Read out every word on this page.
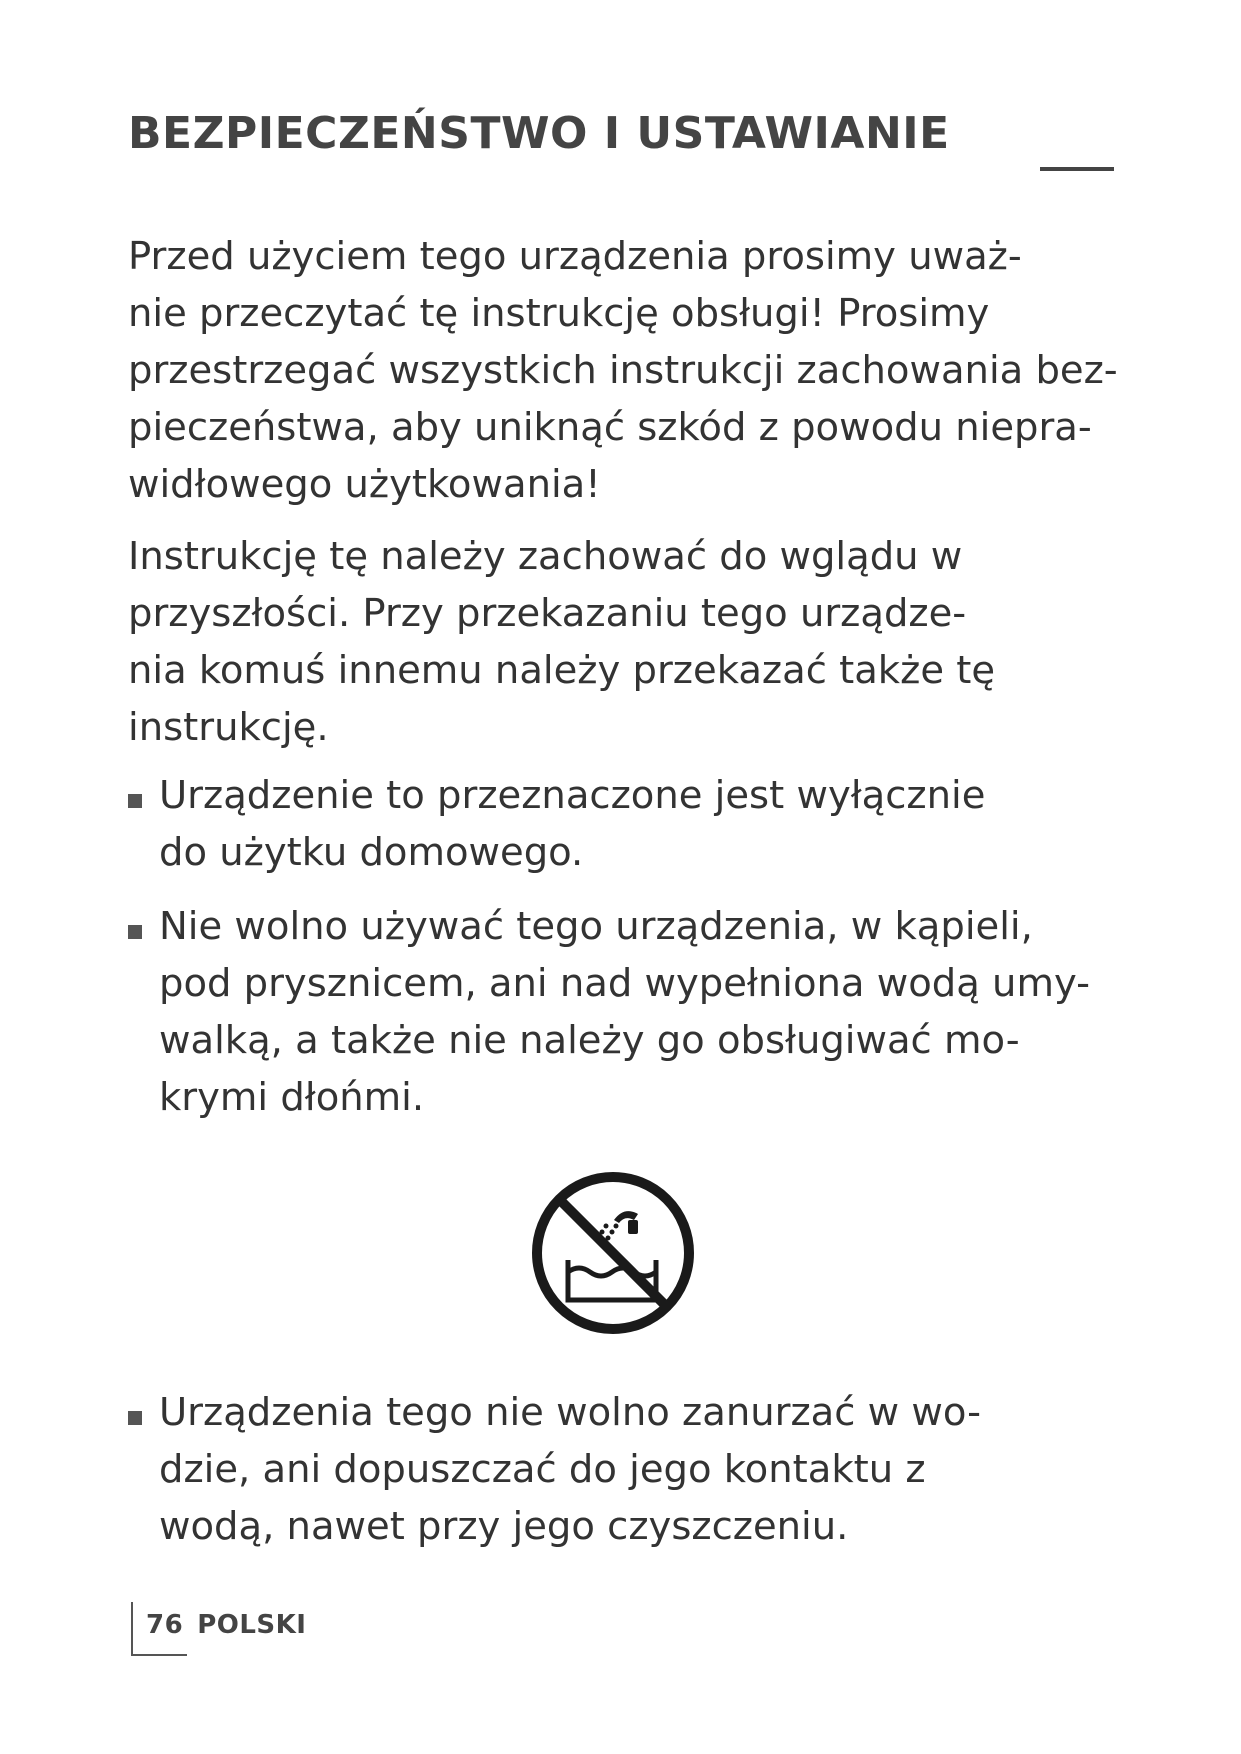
BEZPIECZEŃSTWO I USTAWIANIE

Przed użyciem tego urządzenia prosimy uważ-
nie przeczytać tę instrukcję obsługi! Prosimy
przestrzegać wszystkich instrukcji zachowania bez-
pieczeństwa, aby uniknąć szkód z powodu niepra-
widłowego użytkowania!

Instrukcję tę należy zachować do wglądu w
przyszłości. Przy przekazaniu tego urządze-
nia komuś innemu należy przekazać także tę
instrukcję.

Urządzenie to przeznaczone jest wyłącznie
do użytku domowego.
Nie wolno używać tego urządzenia, w kąpieli,
pod prysznicem, ani nad wypełniona wodą umy-
walką, a także nie należy go obsługiwać mo-
krymi dłońmi.
Urządzenia tego nie wolno zanurzać w wo-
dzie, ani dopuszczać do jego kontaktu z
wodą, nawet przy jego czyszczeniu.
76 POLSKI
